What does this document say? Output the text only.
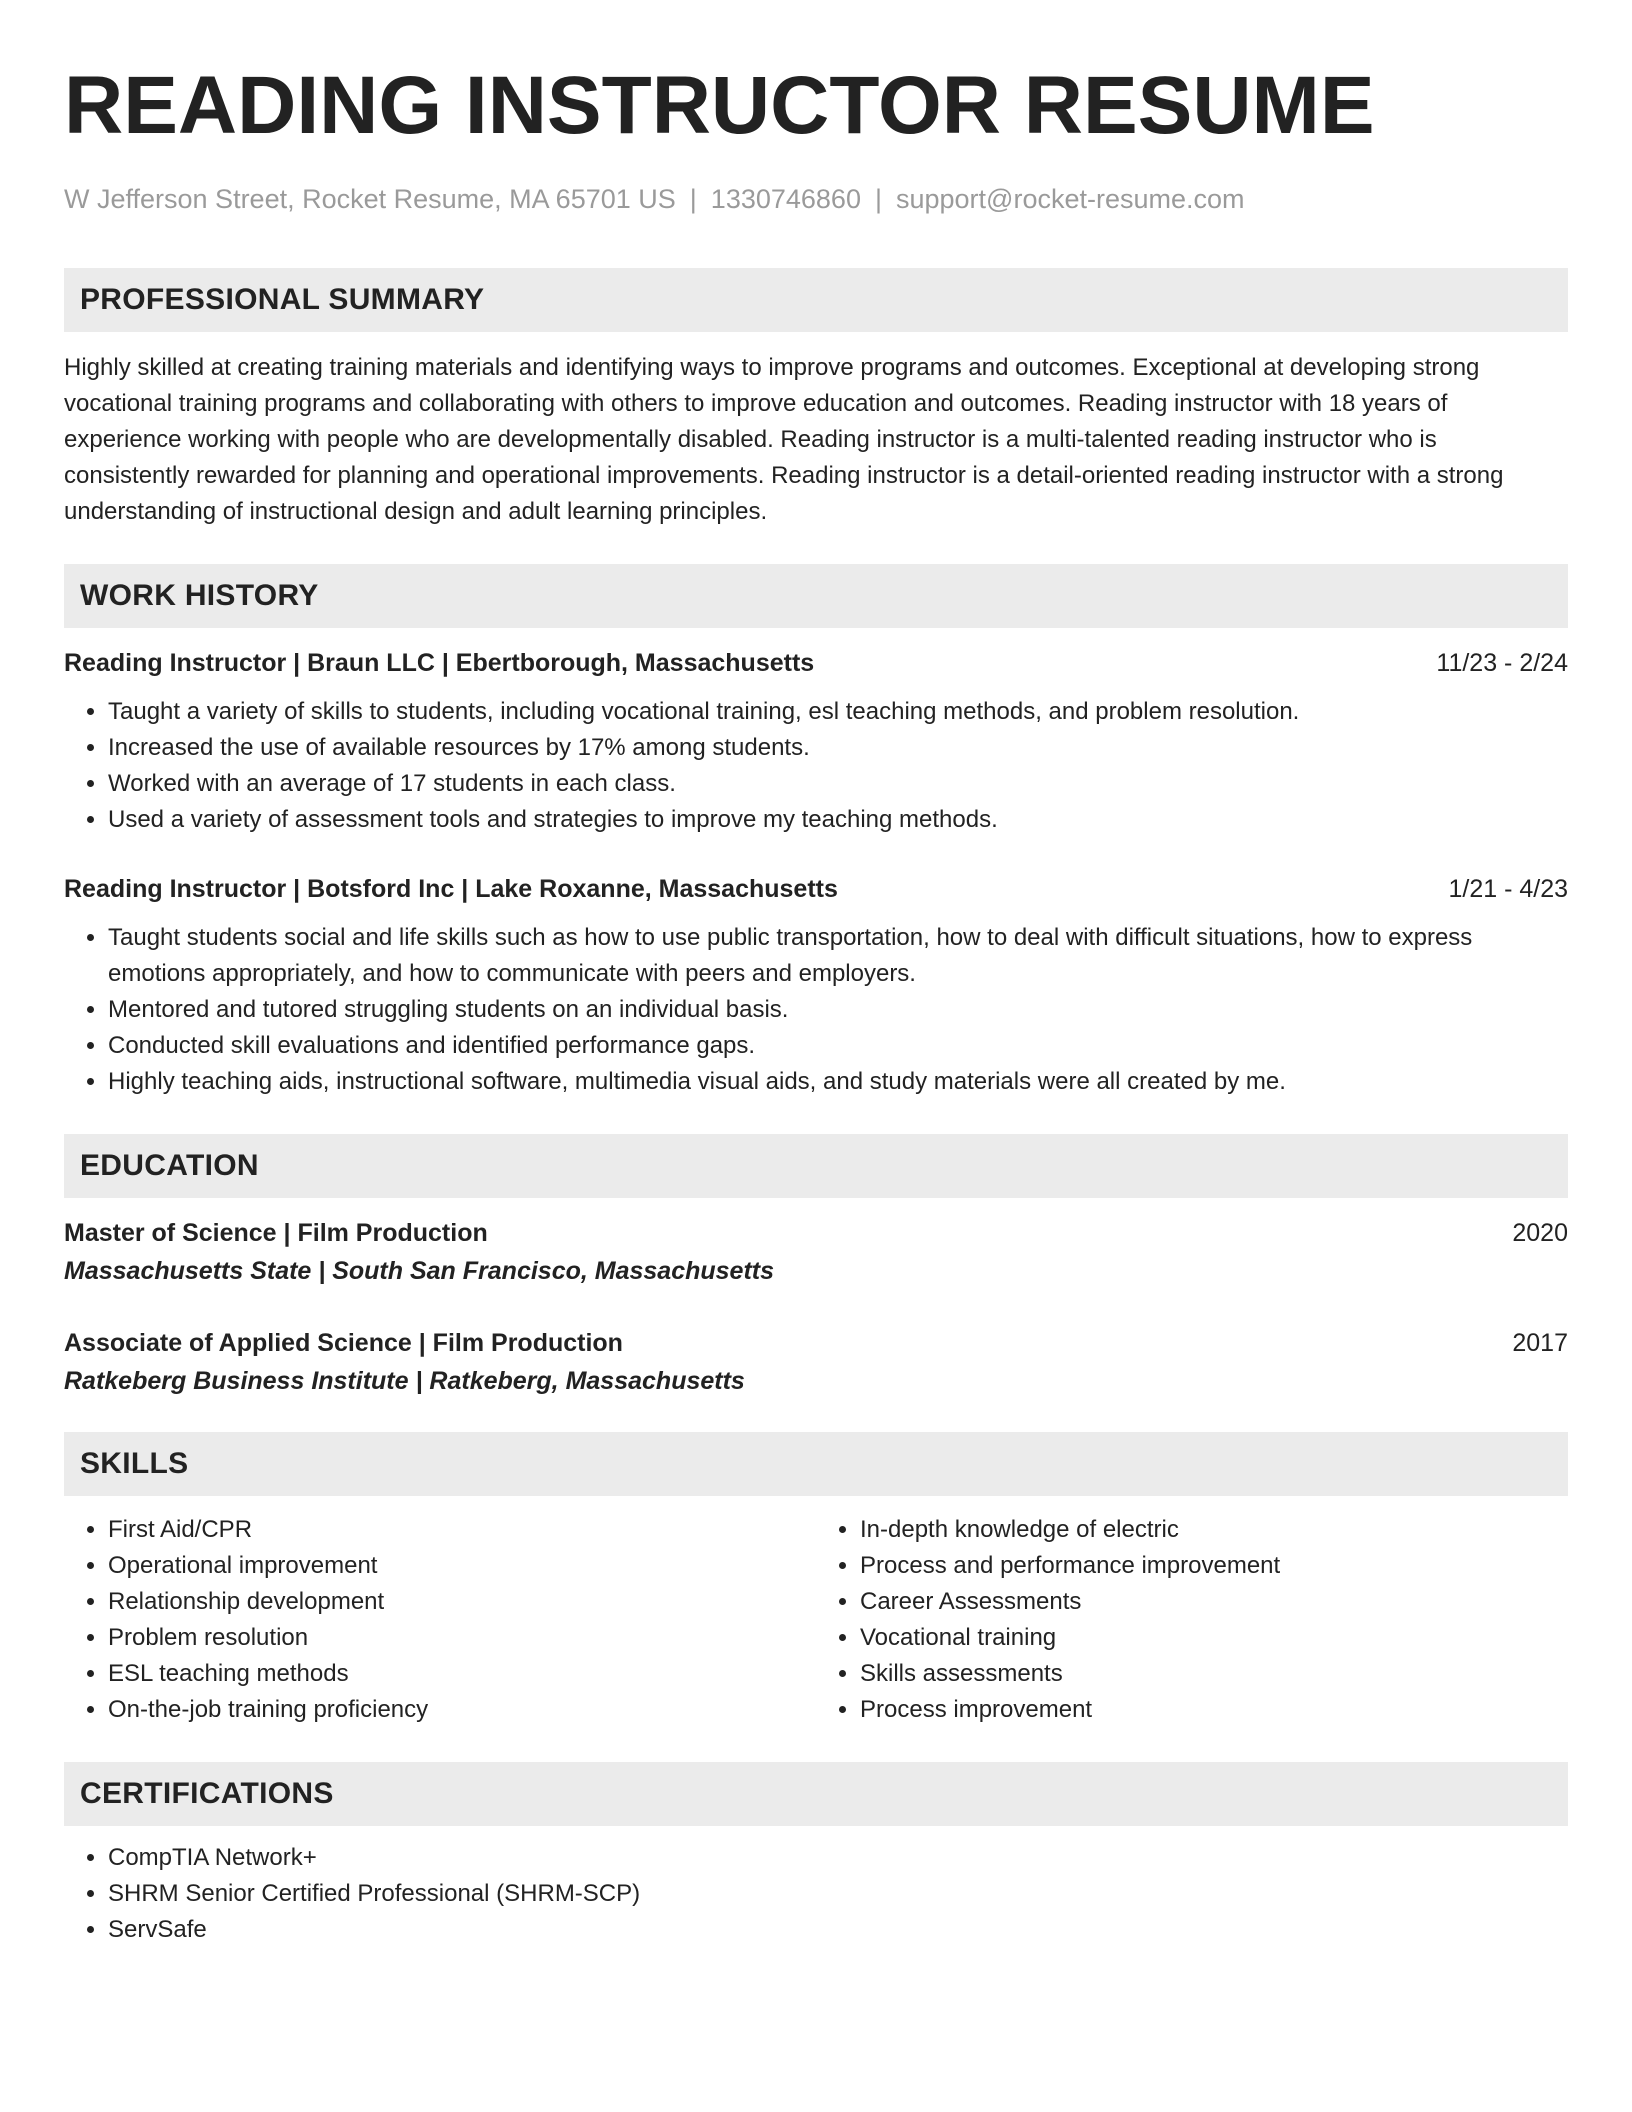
READING INSTRUCTOR RESUME
W Jefferson Street, Rocket Resume, MA 65701 US | 1330746860 | support@rocket-resume.com
PROFESSIONAL SUMMARY
Highly skilled at creating training materials and identifying ways to improve programs and outcomes. Exceptional at developing strong vocational training programs and collaborating with others to improve education and outcomes. Reading instructor with 18 years of experience working with people who are developmentally disabled. Reading instructor is a multi-talented reading instructor who is consistently rewarded for planning and operational improvements. Reading instructor is a detail-oriented reading instructor with a strong understanding of instructional design and adult learning principles.
WORK HISTORY
Reading Instructor | Braun LLC | Ebertborough, Massachusetts	11/23 - 2/24
• Taught a variety of skills to students, including vocational training, esl teaching methods, and problem resolution.
• Increased the use of available resources by 17% among students.
• Worked with an average of 17 students in each class.
• Used a variety of assessment tools and strategies to improve my teaching methods.
Reading Instructor | Botsford Inc | Lake Roxanne, Massachusetts	1/21 - 4/23
• Taught students social and life skills such as how to use public transportation, how to deal with difficult situations, how to express emotions appropriately, and how to communicate with peers and employers.
• Mentored and tutored struggling students on an individual basis.
• Conducted skill evaluations and identified performance gaps.
• Highly teaching aids, instructional software, multimedia visual aids, and study materials were all created by me.
EDUCATION
Master of Science | Film Production	2020
Massachusetts State | South San Francisco, Massachusetts
Associate of Applied Science | Film Production	2017
Ratkeberg Business Institute | Ratkeberg, Massachusetts
SKILLS
• First Aid/CPR
• Operational improvement
• Relationship development
• Problem resolution
• ESL teaching methods
• On-the-job training proficiency
• In-depth knowledge of electric
• Process and performance improvement
• Career Assessments
• Vocational training
• Skills assessments
• Process improvement
CERTIFICATIONS
• CompTIA Network+
• SHRM Senior Certified Professional (SHRM-SCP)
• ServSafe
